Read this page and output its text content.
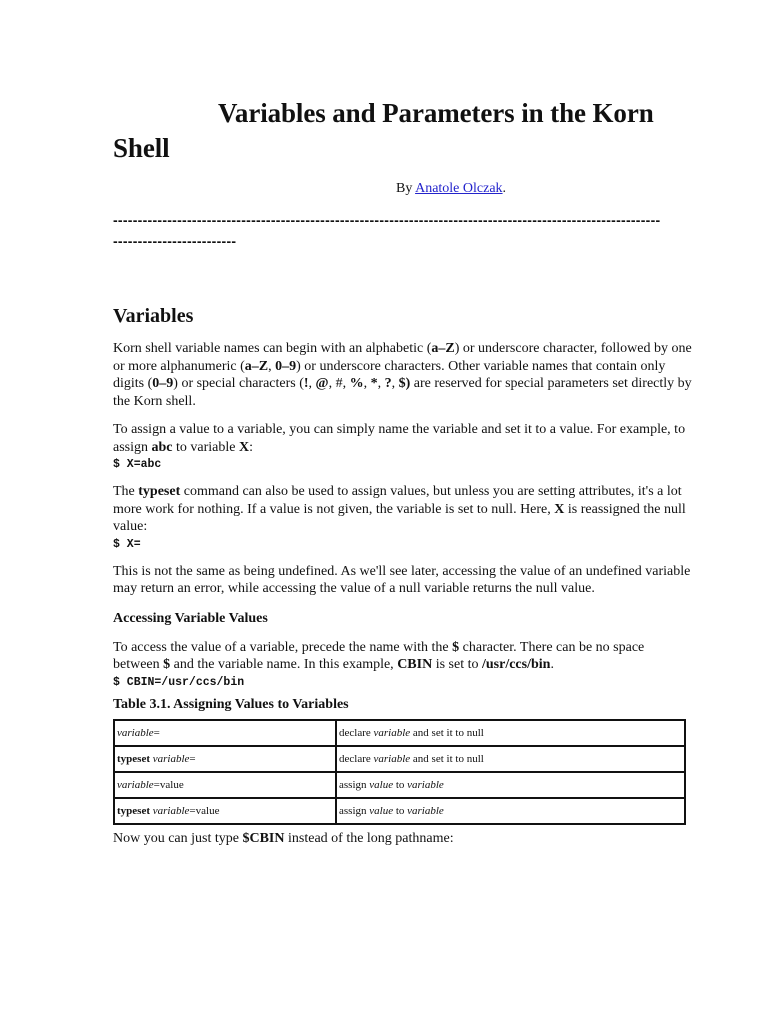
Variables and Parameters in the Korn Shell

By Anatole Olczak.

----------------------------------------------------------------------------------------------------------------------------------------
Variables

Korn shell variable names can begin with an alphabetic (a–Z) or underscore character, followed by one or more alphanumeric (a–Z, 0–9) or underscore characters. Other variable names that contain only digits (0–9) or special characters (!, @, #, %, *, ?, $) are reserved for special parameters set directly by the Korn shell.

To assign a value to a variable, you can simply name the variable and set it to a value. For example, to assign abc to variable X:

$ X=abc

The typeset command can also be used to assign values, but unless you are setting attributes, it's a lot more work for nothing. If a value is not given, the variable is set to null. Here, X is reassigned the null value:

$ X=

This is not the same as being undefined. As we'll see later, accessing the value of an undefined variable may return an error, while accessing the value of a null variable returns the null value.

Accessing Variable Values

To access the value of a variable, precede the name with the $ character. There can be no space between $ and the variable name. In this example, CBIN is set to /usr/ccs/bin.

$ CBIN=/usr/ccs/bin
Table 3.1. Assigning Values to Variables
variable=	declare variable and set it to null
typeset variable=	declare variable and set it to null
variable=value	assign value to variable
typeset variable=value	assign value to variable

Now you can just type $CBIN instead of the long pathname:
